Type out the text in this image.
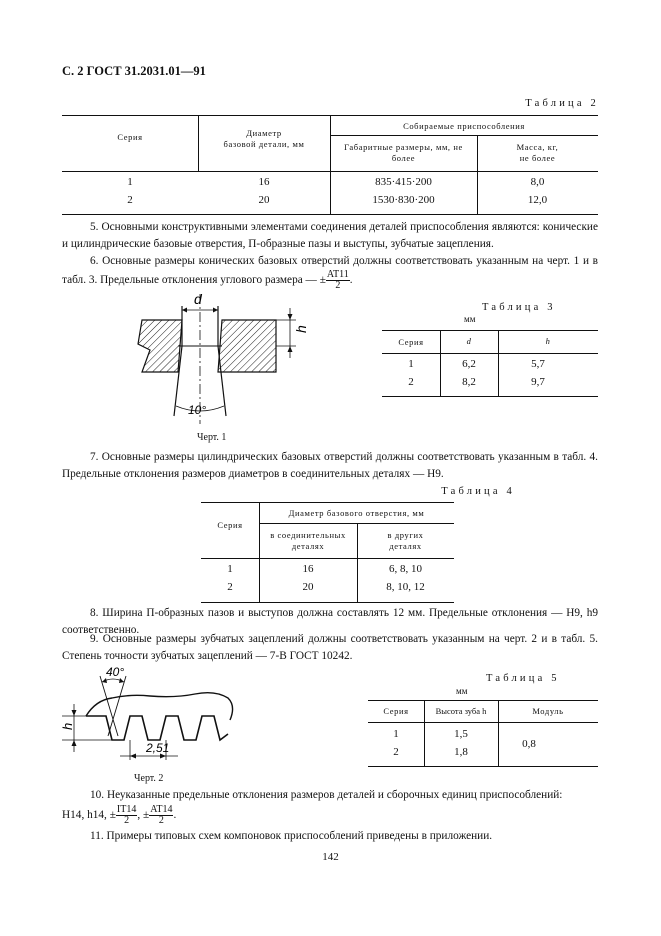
С. 2 ГОСТ 31.2031.01—91
Таблица 2
Серия	Диаметр
базовой детали, мм
Собираемые приспособления
Габаритные размеры, мм, не
более
Масса, кг,
не более
1	16	835·415·200	8,0
2	20	1530·830·200	12,0
5. Основными конструктивными элементами соединения деталей приспособления являются: конические и цилиндрические базовые отверстия, П-образные пазы и выступы, зубчатые зацепления.
6. Основные размеры конических базовых отверстий должны соответствовать указанным на черт. 1 и в табл. 3. Предельные отклонения углового размера — ± $\frac{AT11}{2}$ .
d
h
10°
Черт. 1
Таблица 3
мм
Серия	d	h
1	6,2	5,7
2	8,2	9,7
7. Основные размеры цилиндрических базовых отверстий должны соответствовать указанным в табл. 4. Предельные отклонения размеров диаметров в соединительных деталях — Н9.
Таблица 4
Серия
Диаметр базового отверстия, мм
в соединительных
деталях
в других
деталях
1	16	6, 8, 10
2	20	8, 10, 12
8. Ширина П-образных пазов и выступов должна составлять 12 мм. Предельные отклонения — Н9, h9 соответственно.
9. Основные размеры зубчатых зацеплений должны соответствовать указанным на черт. 2 и в табл. 5. Степень точности зубчатых зацеплений — 7-В ГОСТ 10242.
40°
h
2,51
Черт. 2
Таблица 5
мм
Серия	Высота зуба h	Модуль
1	1,5
2	1,8
0,8
10. Неуказанные предельные отклонения размеров деталей и сборочных единиц приспособлений:
Н14, h14, ± $\frac{IT14}{2}$ , ± $\frac{AT14}{2}$ .
11. Примеры типовых схем компоновок приспособлений приведены в приложении.
142
